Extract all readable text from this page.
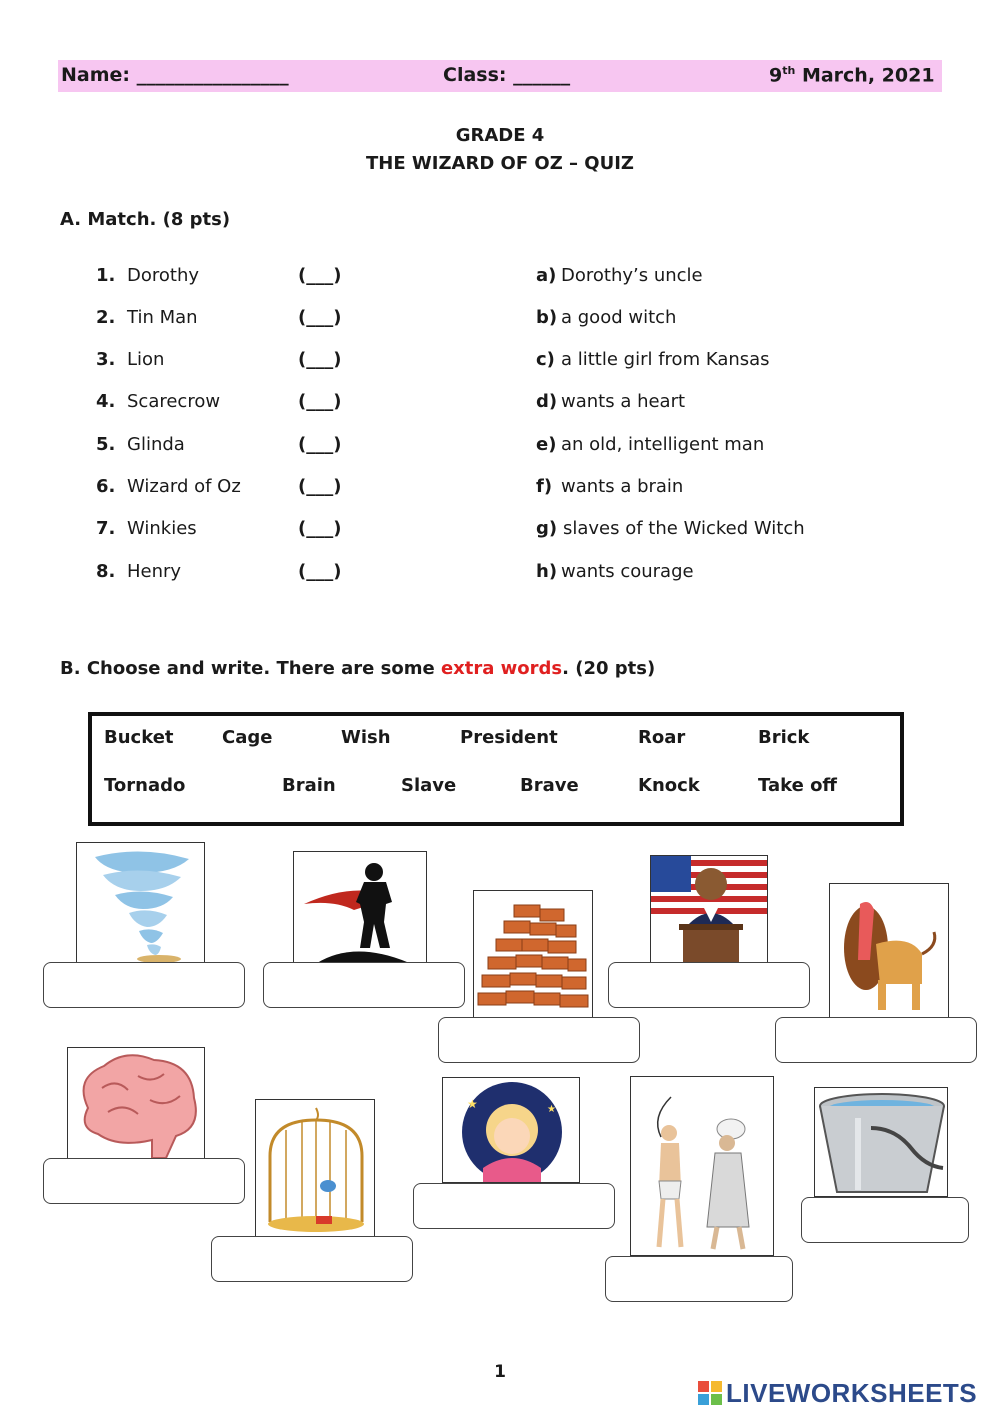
Name: ________________	Class: ______	9th March, 2021
GRADE 4
THE WIZARD OF OZ – QUIZ
A. Match. (8 pts)
1. Dorothy	(___)	a) Dorothy’s uncle
2. Tin Man	(___)	b) a good witch
3. Lion	(___)	c) a little girl from Kansas
4. Scarecrow	(___)	d) wants a heart
5. Glinda	(___)	e) an old, intelligent man
6. Wizard of Oz	(___)	f) wants a brain
7. Winkies	(___)	g) slaves of the Wicked Witch
8. Henry	(___)	h) wants courage
B. Choose and write. There are some extra words. (20 pts)
Bucket	Cage	Wish	President	Roar	Brick
Tornado	Brain	Slave	Brave	Knock	Take off
★	★
1
LIVEWORKSHEETS
